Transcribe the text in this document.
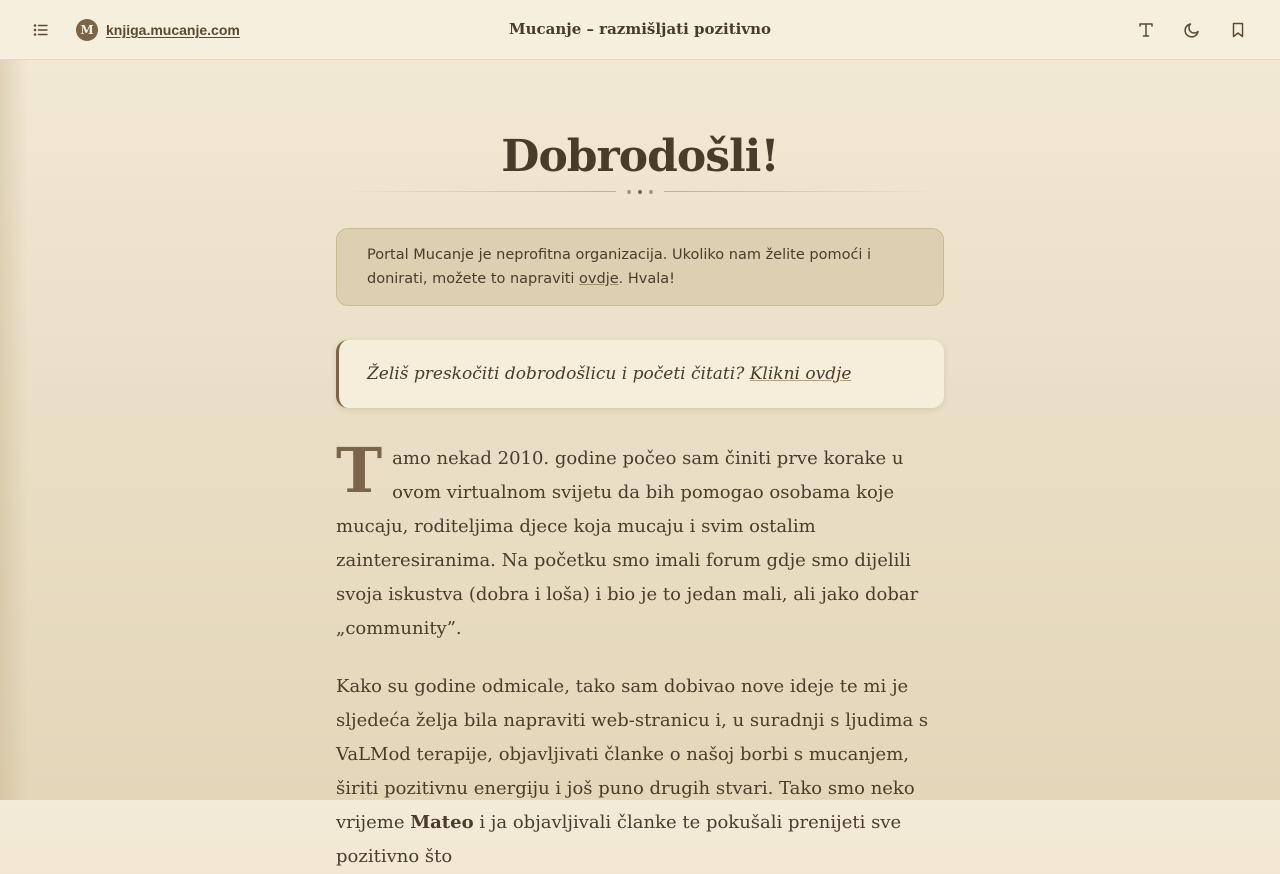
M knjiga.mucanje.com	Mucanje – razmišljati pozitivno
Dobrodošli!
Portal Mucanje je neprofitna organizacija. Ukoliko nam želite pomoći i donirati, možete to napraviti ovdje. Hvala!
Želiš preskočiti dobrodošlicu i početi čitati? Klikni ovdje

Tamo nekad 2010. godine počeo sam činiti prve korake u ovom virtualnom svijetu da bih pomogao osobama koje mucaju, roditeljima djece koja mucaju i svim ostalim zainteresiranima. Na početku smo imali forum gdje smo dijelili svoja iskustva (dobra i loša) i bio je to jedan mali, ali jako dobar „community”.

Kako su godine odmicale, tako sam dobivao nove ideje te mi je sljedeća želja bila napraviti web-stranicu i, u suradnji s ljudima s VaLMod terapije, objavljivati članke o našoj borbi s mucanjem, širiti pozitivnu energiju i još puno drugih stvari. Tako smo neko vrijeme Mateo i ja objavljivali članke te pokušali prenijeti sve pozitivno što
